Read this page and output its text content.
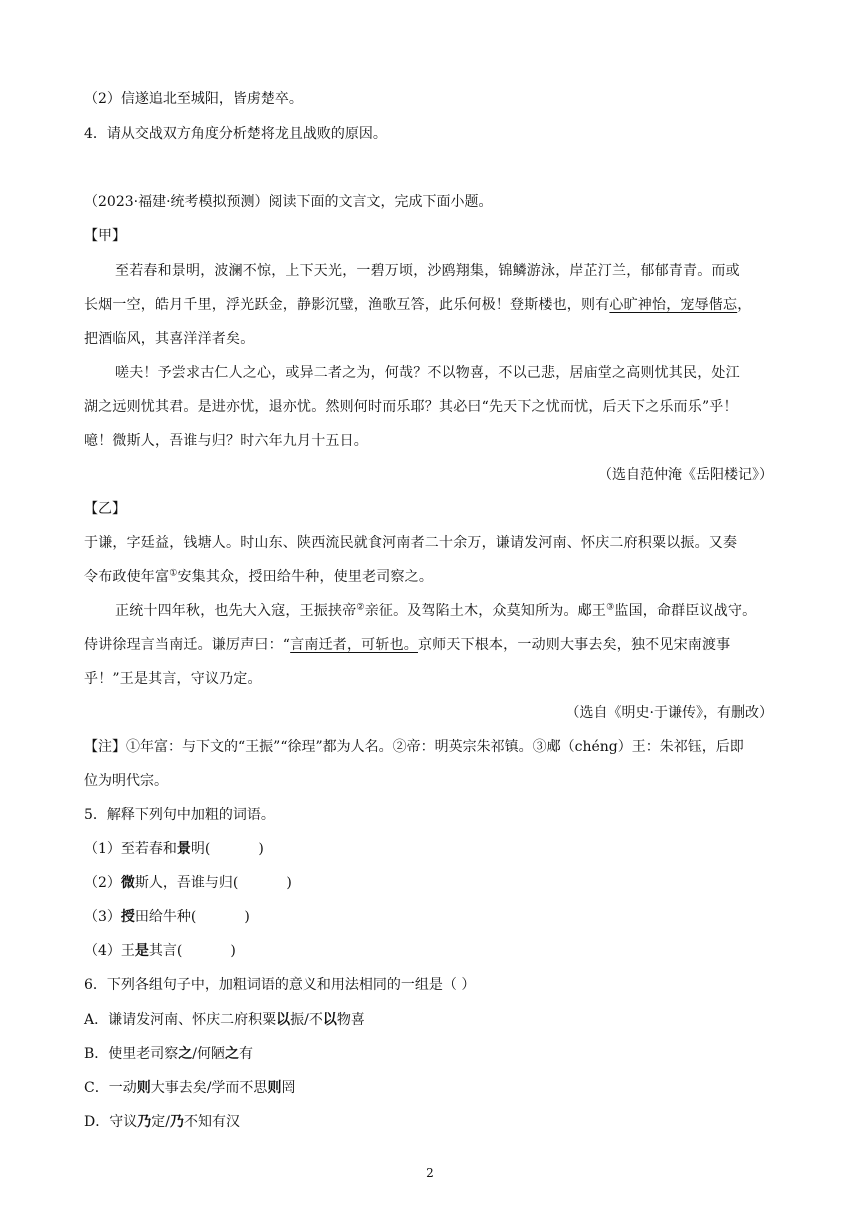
（2）信遂追北至城阳，皆虏楚卒。
4．请从交战双方角度分析楚将龙且战败的原因。
（2023·福建·统考模拟预测）阅读下面的文言文，完成下面小题。
【甲】
至若春和景明，波澜不惊，上下天光，一碧万顷，沙鸥翔集，锦鳞游泳，岸芷汀兰，郁郁青青。而或
长烟一空，皓月千里，浮光跃金，静影沉璧，渔歌互答，此乐何极！登斯楼也，则有心旷神怡，宠辱偕忘，
把酒临风，其喜洋洋者矣。
嗟夫！予尝求古仁人之心，或异二者之为，何哉？不以物喜，不以己悲，居庙堂之高则忧其民，处江
湖之远则忧其君。是进亦忧，退亦忧。然则何时而乐耶？其必曰“先天下之忧而忧，后天下之乐而乐”乎！
噫！微斯人，吾谁与归？时六年九月十五日。
（选自范仲淹《岳阳楼记》）
【乙】
于谦，字廷益，钱塘人。时山东、陕西流民就食河南者二十余万，谦请发河南、怀庆二府积粟以振。又奏
令布政使年富①安集其众，授田给牛种，使里老司察之。
正统十四年秋，也先大入寇，王振挟帝②亲征。及驾陷土木，众莫知所为。郕王③监国，命群臣议战守。
侍讲徐珵言当南迁。谦厉声曰：“言南迁者，可斩也。京师天下根本，一动则大事去矣，独不见宋南渡事
乎！”王是其言，守议乃定。
（选自《明史·于谦传》，有删改）
【注】①年富：与下文的“王振”“徐珵”都为人名。②帝：明英宗朱祁镇。③郕（chéng）王：朱祁钰，后即
位为明代宗。
5．解释下列句中加粗的词语。
（1）至若春和景明(	)
（2）微斯人，吾谁与归(	)
（3）授田给牛种(	)
（4）王是其言(	)
6．下列各组句子中，加粗词语的意义和用法相同的一组是（ ）
A．谦请发河南、怀庆二府积粟以振/不以物喜
B．使里老司察之/何陋之有
C．一动则大事去矣/学而不思则罔
D．守议乃定/乃不知有汉
2
